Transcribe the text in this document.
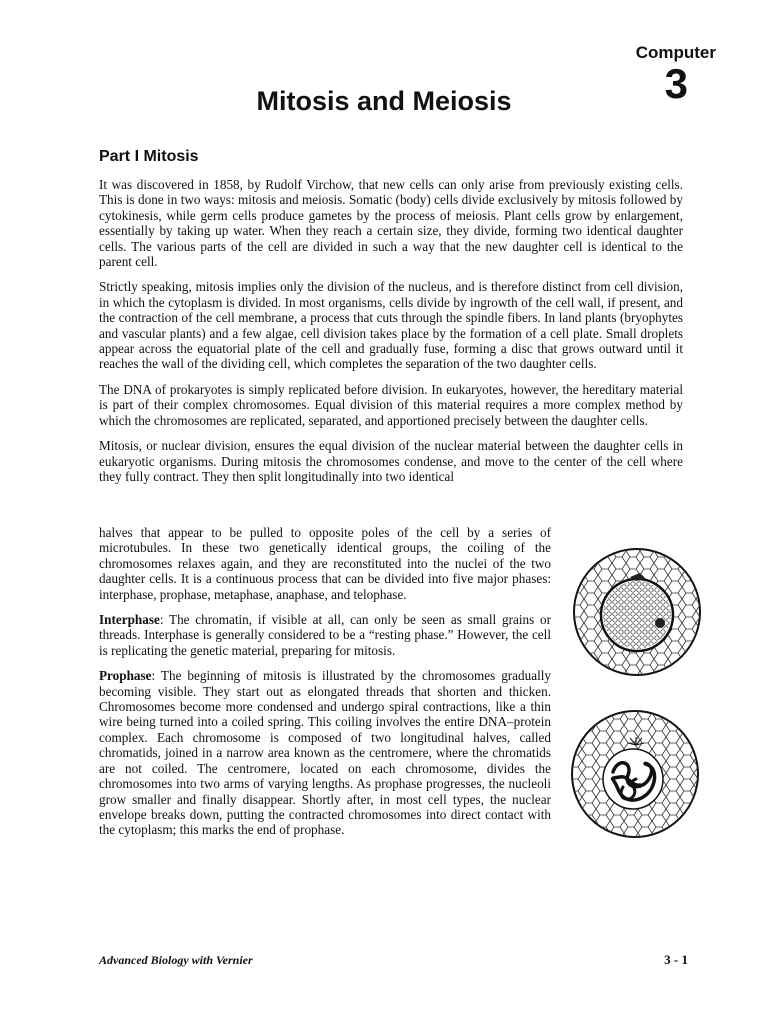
Computer
3
Mitosis and Meiosis
Part I Mitosis

It was discovered in 1858, by Rudolf Virchow, that new cells can only arise from previously existing cells. This is done in two ways: mitosis and meiosis. Somatic (body) cells divide exclusively by mitosis followed by cytokinesis, while germ cells produce gametes by the process of meiosis. Plant cells grow by enlargement, essentially by taking up water. When they reach a certain size, they divide, forming two identical daughter cells. The various parts of the cell are divided in such a way that the new daughter cell is identical to the parent cell.

Strictly speaking, mitosis implies only the division of the nucleus, and is therefore distinct from cell division, in which the cytoplasm is divided. In most organisms, cells divide by ingrowth of the cell wall, if present, and the contraction of the cell membrane, a process that cuts through the spindle fibers. In land plants (bryophytes and vascular plants) and a few algae, cell division takes place by the formation of a cell plate. Small droplets appear across the equatorial plate of the cell and gradually fuse, forming a disc that grows outward until it reaches the wall of the dividing cell, which completes the separation of the two daughter cells.

The DNA of prokaryotes is simply replicated before division. In eukaryotes, however, the hereditary material is part of their complex chromosomes. Equal division of this material requires a more complex method by which the chromosomes are replicated, separated, and apportioned precisely between the daughter cells.

Mitosis, or nuclear division, ensures the equal division of the nuclear material between the daughter cells in eukaryotic organisms. During mitosis the chromosomes condense, and move to the center of the cell where they fully contract. They then split longitudinally into two identical

halves that appear to be pulled to opposite poles of the cell by a series of microtubules. In these two genetically identical groups, the coiling of the chromosomes relaxes again, and they are reconstituted into the nuclei of the two daughter cells. It is a continuous process that can be divided into five major phases: interphase, prophase, metaphase, anaphase, and telophase.

Interphase: The chromatin, if visible at all, can only be seen as small grains or threads. Interphase is generally considered to be a “resting phase.” However, the cell is replicating the genetic material, preparing for mitosis.

Prophase: The beginning of mitosis is illustrated by the chromosomes gradually becoming visible. They start out as elongated threads that shorten and thicken. Chromosomes become more condensed and undergo spiral contractions, like a thin wire being turned into a coiled spring. This coiling involves the entire DNA–protein complex. Each chromosome is composed of two longitudinal halves, called chromatids, joined in a narrow area known as the centromere, where the chromatids are not coiled. The centromere, located on each chromosome, divides the chromosomes into two arms of varying lengths. As prophase progresses, the nucleoli grow smaller and finally disappear. Shortly after, in most cell types, the nuclear envelope breaks down, putting the contracted chromosomes into direct contact with the cytoplasm; this marks the end of prophase.

Advanced Biology with Vernier	3 - 1
